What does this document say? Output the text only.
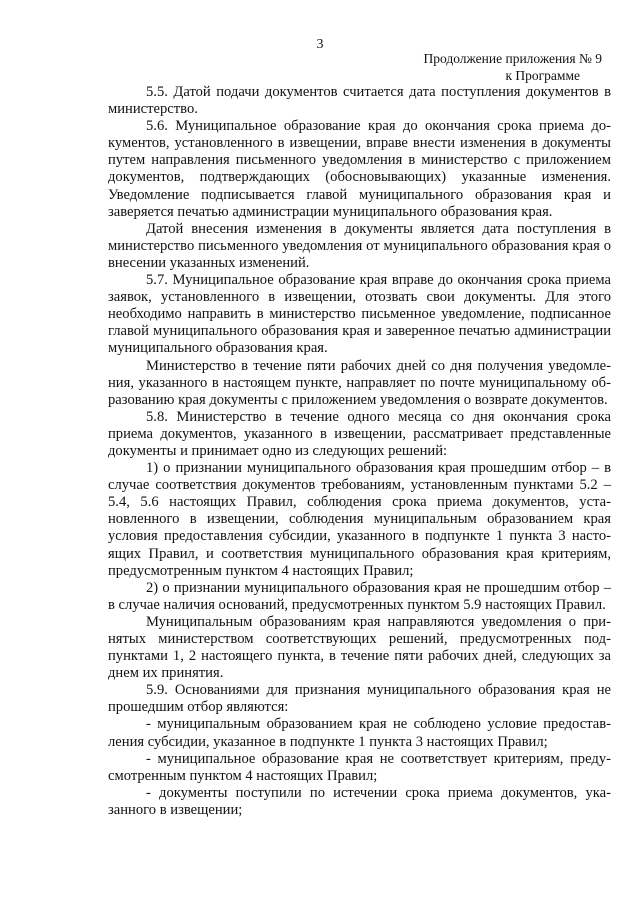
3
Продолжение приложения № 9
к Программе

5.5. Датой подачи документов считается дата поступления документов в министерство.

5.6. Муниципальное образование края до окончания срока приема документов, установленного в извещении, вправе внести изменения в документы путем направления письменного уведомления в министерство с приложением документов, подтверждающих (обосновывающих) указанные изменения. Уведомление подписывается главой муниципального образования края и заверяется печатью администрации муниципального образования края.

Датой внесения изменения в документы является дата поступления в министерство письменного уведомления от муниципального образования края о внесении указанных изменений.

5.7. Муниципальное образование края вправе до окончания срока приема заявок, установленного в извещении, отозвать свои документы. Для этого необходимо направить в министерство письменное уведомление, подписанное главой муниципального образования края и заверенное печатью администрации муниципального образования края.

Министерство в течение пяти рабочих дней со дня получения уведомления, указанного в настоящем пункте, направляет по почте муниципальному образованию края документы с приложением уведомления о возврате документов.

5.8. Министерство в течение одного месяца со дня окончания срока приема документов, указанного в извещении, рассматривает представленные документы и принимает одно из следующих решений:

1) о признании муниципального образования края прошедшим отбор – в случае соответствия документов требованиям, установленным пунктами 5.2 – 5.4, 5.6 настоящих Правил, соблюдения срока приема документов, установленного в извещении, соблюдения муниципальным образованием края условия предоставления субсидии, указанного в подпункте 1 пункта 3 настоящих Правил, и соответствия муниципального образования края критериям, предусмотренным пунктом 4 настоящих Правил;

2) о признании муниципального образования края не прошедшим отбор – в случае наличия оснований, предусмотренных пунктом 5.9 настоящих Правил.

Муниципальным образованиям края направляются уведомления о принятых министерством соответствующих решений, предусмотренных подпунктами 1, 2 настоящего пункта, в течение пяти рабочих дней, следующих за днем их принятия.

5.9. Основаниями для признания муниципального образования края не прошедшим отбор являются:

- муниципальным образованием края не соблюдено условие предоставления субсидии, указанное в подпункте 1 пункта 3 настоящих Правил;

- муниципальное образование края не соответствует критериям, предусмотренным пунктом 4 настоящих Правил;

- документы поступили по истечении срока приема документов, указанного в извещении;
